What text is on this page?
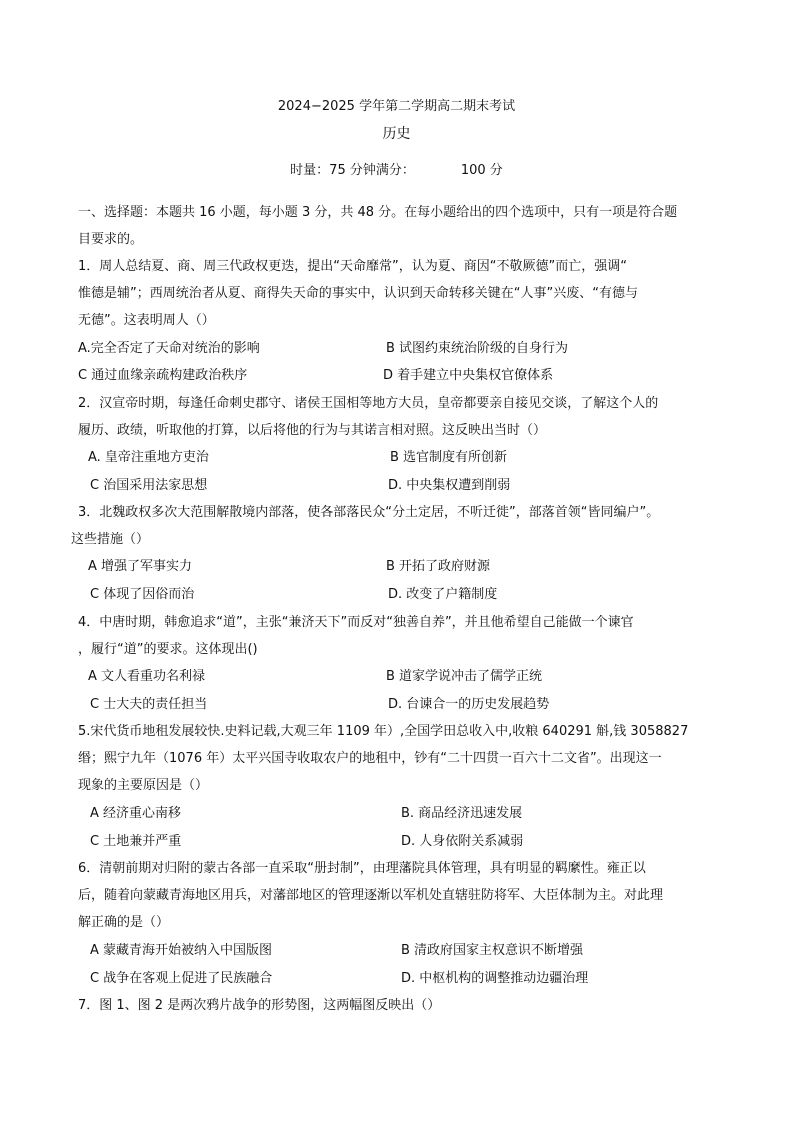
2024−2025 学年第二学期高二期末考试
历史
时量：75 分钟满分：	100 分
一、选择题：本题共 16 小题，每小题 3 分，共 48 分。在每小题给出的四个选项中，只有一项是符合题
目要求的。
1．周人总结夏、商、周三代政权更迭，提出“天命靡常”，认为夏、商因“不敬厥德”而亡，强调“
惟德是辅”；西周统治者从夏、商得失天命的事实中，认识到天命转移关键在“人事”兴废、“有德与
无德”。这表明周人（）
A.完全否定了天命对统治的影响	B 试图约束统治阶级的自身行为
C 通过血缘亲疏构建政治秩序	D 着手建立中央集权官僚体系
2．汉宣帝时期，每逢任命刺史郡守、诸侯王国相等地方大员，皇帝都要亲自接见交谈，了解这个人的
履历、政绩，听取他的打算，以后将他的行为与其诺言相对照。这反映出当时（）
A. 皇帝注重地方吏治	B 选官制度有所创新
C 治国采用法家思想	D. 中央集权遭到削弱
3．北魏政权多次大范围解散境内部落，使各部落民众“分土定居，不听迁徙”，部落首领“皆同编户”。
这些措施（）
A 增强了军事实力	B 开拓了政府财源
C 体现了因俗而治	D. 改变了户籍制度
4．中唐时期，韩愈追求“道”，主张“兼济天下”而反对“独善自养”，并且他希望自己能做一个谏官
，履行“道”的要求。这体现出()
A 文人看重功名利禄	B 道家学说冲击了儒学正统
C 士大夫的责任担当	D. 台谏合一的历史发展趋势
5.宋代货币地租发展较快.史料记载,大观三年 1109 年）,全国学田总收入中,收粮 640291 斛,钱 3058827
缗；熙宁九年（1076 年）太平兴国寺收取农户的地租中，钞有“二十四贯一百六十二文省”。出现这一
现象的主要原因是（）
A 经济重心南移	B. 商品经济迅速发展
C 土地兼并严重	D. 人身依附关系减弱
6．清朝前期对归附的蒙古各部一直采取“册封制”，由理藩院具体管理，具有明显的羁縻性。雍正以
后，随着向蒙藏青海地区用兵，对藩部地区的管理逐渐以军机处直辖驻防将军、大臣体制为主。对此理
解正确的是（）
A 蒙藏青海开始被纳入中国版图	B 清政府国家主权意识不断增强
C 战争在客观上促进了民族融合	D. 中枢机构的调整推动边疆治理
7．图 1、图 2 是两次鸦片战争的形势图，这两幅图反映出（）
